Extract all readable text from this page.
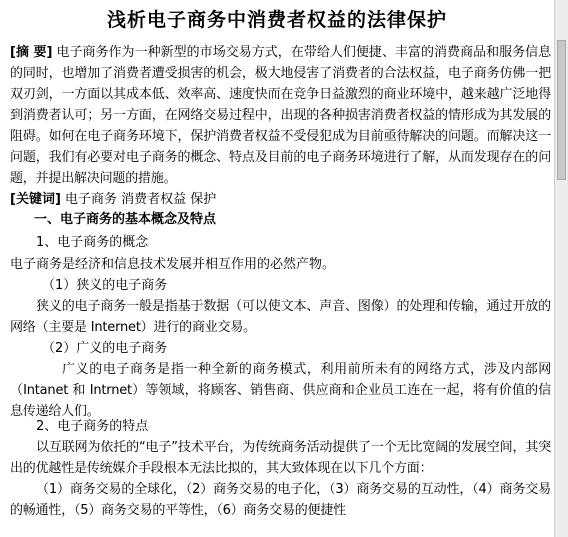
浅析电子商务中消费者权益的法律保护
[摘 要] 电子商务作为一种新型的市场交易方式，在带给人们便捷、丰富的消费商品和服务信息的同时，也增加了消费者遭受损害的机会，极大地侵害了消费者的合法权益，电子商务仿佛一把双刃剑，一方面以其成本低、效率高、速度快而在竞争日益激烈的商业环境中，越来越广泛地得到消费者认可；另一方面，在网络交易过程中，出现的各种损害消费者权益的情形成为其发展的阻碍。如何在电子商务环境下，保护消费者权益不受侵犯成为目前亟待解决的问题。而解决这一问题，我们有必要对电子商务的概念、特点及目前的电子商务环境进行了解，从而发现存在的问题，并提出解决问题的措施。
[关键词] 电子商务 消费者权益 保护
一、电子商务的基本概念及特点
1、电子商务的概念
电子商务是经济和信息技术发展并相互作用的必然产物。
（1）狭义的电子商务
狭义的电子商务一般是指基于数据（可以使文本、声音、图像）的处理和传输，通过开放的网络（主要是 Internet）进行的商业交易。
（2）广义的电子商务
广义的电子商务是指一种全新的商务模式，利用前所未有的网络方式，涉及内部网（Intanet 和 Intrnet）等领域，将顾客、销售商、供应商和企业员工连在一起，将有价值的信息传递给人们。
2、电子商务的特点
以互联网为依托的“电子”技术平台，为传统商务活动提供了一个无比宽阔的发展空间，其突出的优越性是传统媒介手段根本无法比拟的，其大致体现在以下几个方面：
（1）商务交易的全球化，（2）商务交易的电子化，（3）商务交易的互动性，（4）商务交易的畅通性，（5）商务交易的平等性，（6）商务交易的便捷性
